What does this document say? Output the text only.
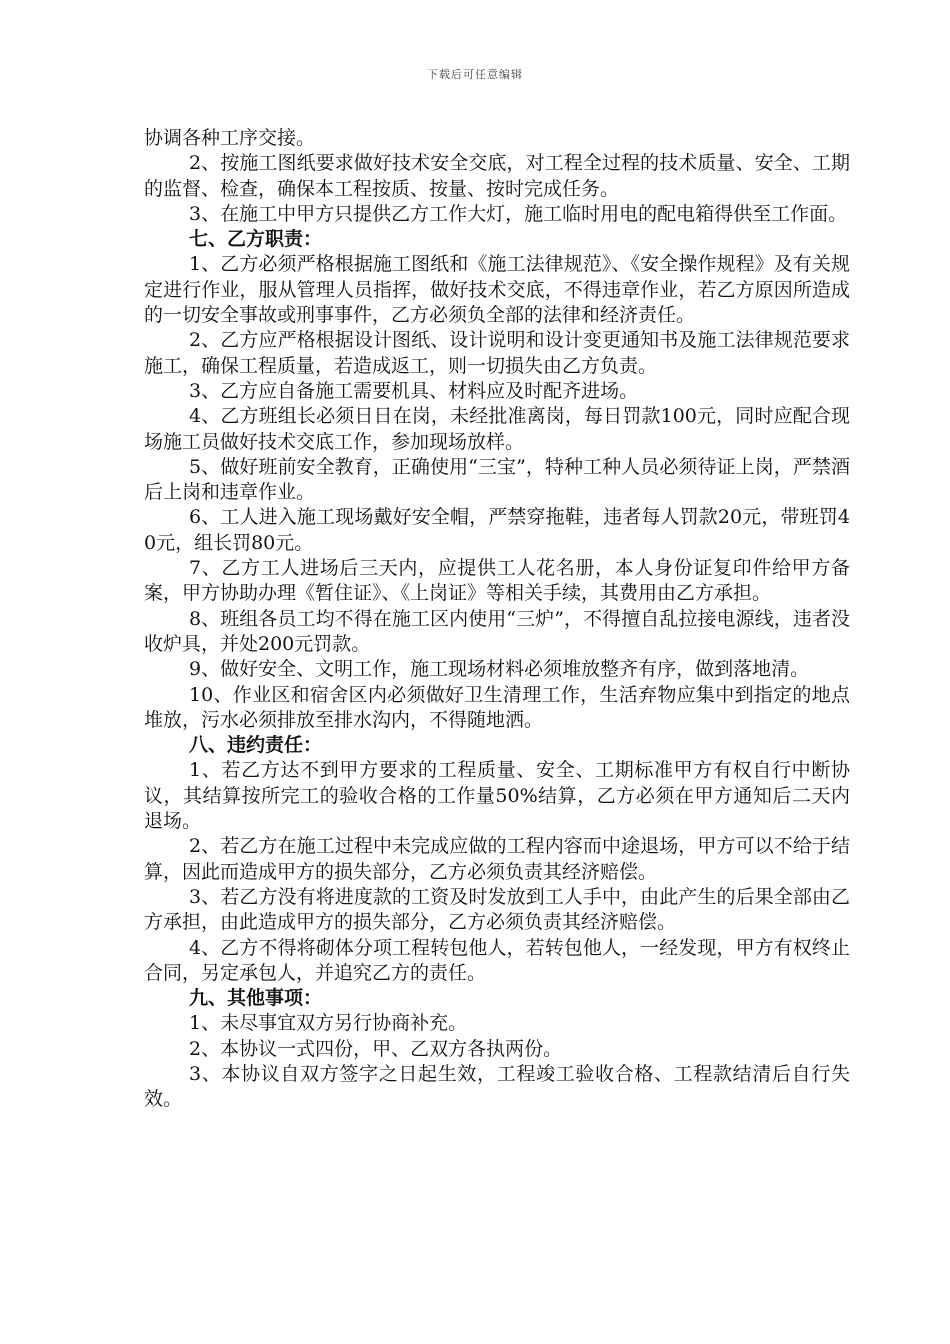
下载后可任意编辑

协调各种工序交接。

2、按施工图纸要求做好技术安全交底，对工程全过程的技术质量、安全、工期的监督、检查，确保本工程按质、按量、按时完成任务。

3、在施工中甲方只提供乙方工作大灯，施工临时用电的配电箱得供至工作面。

七、乙方职责：

1、乙方必须严格根据施工图纸和《施工法律规范》、《安全操作规程》及有关规定进行作业，服从管理人员指挥，做好技术交底，不得违章作业，若乙方原因所造成的一切安全事故或刑事事件，乙方必须负全部的法律和经济责任。

2、乙方应严格根据设计图纸、设计说明和设计变更通知书及施工法律规范要求施工，确保工程质量，若造成返工，则一切损失由乙方负责。

3、乙方应自备施工需要机具、材料应及时配齐进场。

4、乙方班组长必须日日在岗，未经批准离岗，每日罚款100元，同时应配合现场施工员做好技术交底工作，参加现场放样。

5、做好班前安全教育，正确使用“三宝”，特种工种人员必须待证上岗，严禁酒后上岗和违章作业。

6、工人进入施工现场戴好安全帽，严禁穿拖鞋，违者每人罚款20元，带班罚40元，组长罚80元。

7、乙方工人进场后三天内，应提供工人花名册，本人身份证复印件给甲方备案，甲方协助办理《暂住证》、《上岗证》等相关手续，其费用由乙方承担。

8、班组各员工均不得在施工区内使用“三炉”，不得擅自乱拉接电源线，违者没收炉具，并处200元罚款。

9、做好安全、文明工作，施工现场材料必须堆放整齐有序，做到落地清。

10、作业区和宿舍区内必须做好卫生清理工作，生活弃物应集中到指定的地点堆放，污水必须排放至排水沟内，不得随地洒。

八、违约责任：

1、若乙方达不到甲方要求的工程质量、安全、工期标准甲方有权自行中断协议，其结算按所完工的验收合格的工作量50%结算，乙方必须在甲方通知后二天内退场。

2、若乙方在施工过程中未完成应做的工程内容而中途退场，甲方可以不给于结算，因此而造成甲方的损失部分，乙方必须负责其经济赔偿。

3、若乙方没有将进度款的工资及时发放到工人手中，由此产生的后果全部由乙方承担，由此造成甲方的损失部分，乙方必须负责其经济赔偿。

4、乙方不得将砌体分项工程转包他人，若转包他人，一经发现，甲方有权终止合同，另定承包人，并追究乙方的责任。

九、其他事项：

1、未尽事宜双方另行协商补充。

2、本协议一式四份，甲、乙双方各执两份。

3、本协议自双方签字之日起生效，工程竣工验收合格、工程款结清后自行失效。
